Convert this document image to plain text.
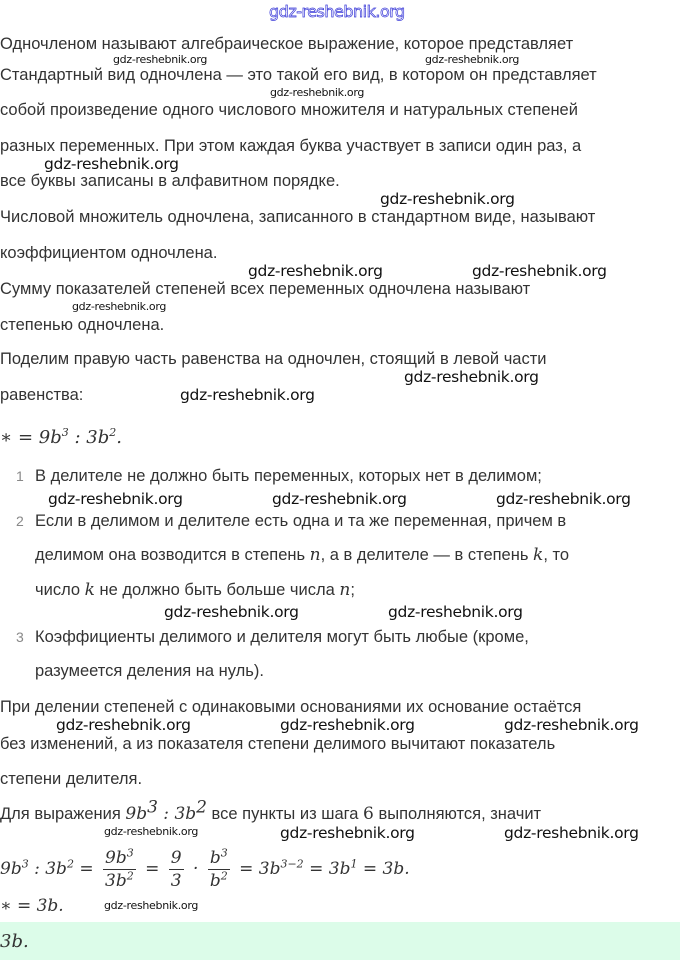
gdz-reshebnik.org
Одночленом называют алгебраическое выражение, которое представляет
Стандартный вид одночлена — это такой его вид, в котором он представляет
собой произведение одного числового множителя и натуральных степеней
разных переменных. При этом каждая буква участвует в записи один раз, а
все буквы записаны в алфавитном порядке.
Числовой множитель одночлена, записанного в стандартном виде, называют
коэффициентом одночлена.
Сумму показателей степеней всех переменных одночлена называют
степенью одночлена.
Поделим правую часть равенства на одночлен, стоящий в левой части
равенства:
∗ = $9b^3$ : $3b^2$.
1 В делителе не должно быть переменных, которых нет в делимом;
2 Если в делимом и делителе есть одна и та же переменная, причем в
делимом она возводится в степень n, а в делителе — в степень k, то
число k не должно быть больше числа n;
3 Коэффициенты делимого и делителя могут быть любые (кроме,
разумеется деления на нуль).
При делении степеней с одинаковыми основаниями их основание остаётся
без изменений, а из показателя степени делимого вычитают показатель
степени делителя.
Для выражения $9b^3$ : $3b^2$ все пункты из шага 6 выполняются, значит
$9b^3$ : $3b^2 = \frac{9b^3}{3b^2} = \frac{9}{3} \cdot \frac{b^3}{b^2} = 3b^{3-2} = 3b^1 = 3b$.
∗ = 3b.
3b.
gdz-reshebnik.org	gdz-reshebnik.org
gdz-reshebnik.org
gdz-reshebnik.org
gdz-reshebnik.org
gdz-reshebnik.org	gdz-reshebnik.org
gdz-reshebnik.org
gdz-reshebnik.org
gdz-reshebnik.org
gdz-reshebnik.org	gdz-reshebnik.org	gdz-reshebnik.org
gdz-reshebnik.org	gdz-reshebnik.org
gdz-reshebnik.org	gdz-reshebnik.org	gdz-reshebnik.org
gdz-reshebnik.org	gdz-reshebnik.org	gdz-reshebnik.org
gdz-reshebnik.org
